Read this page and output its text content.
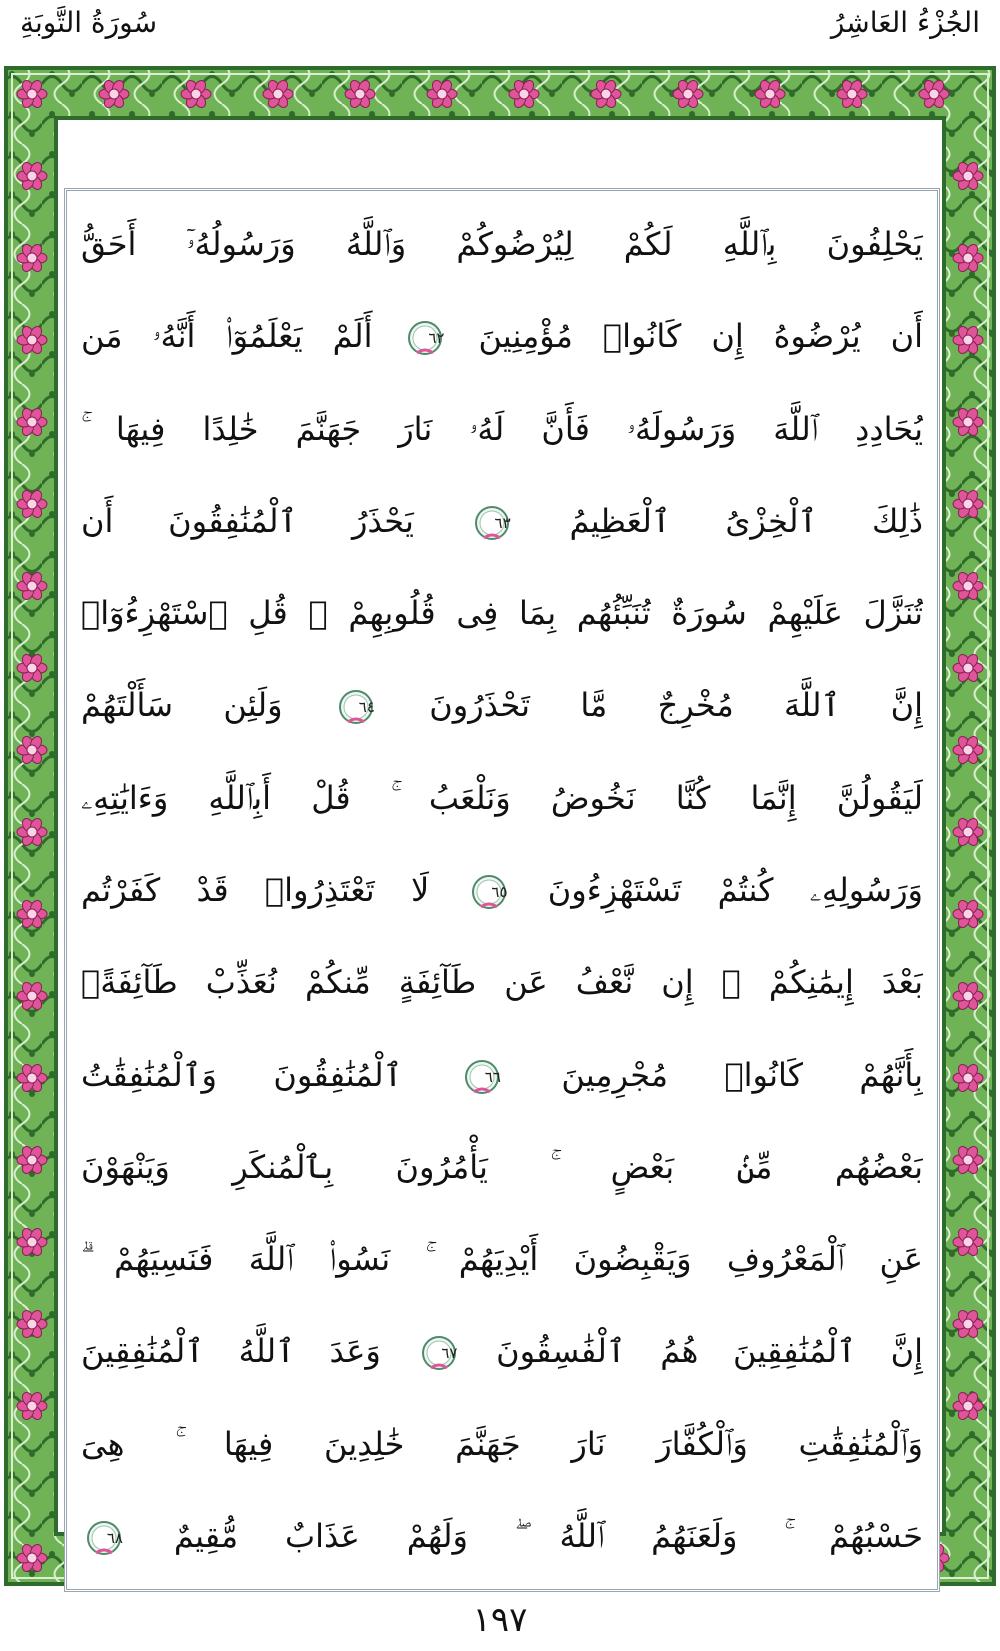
الجُزْءُ العَاشِرُ
سُورَةُ التَّوبَةِ
يَحْلِفُونَ بِٱللَّهِ لَكُمْ لِيُرْضُوكُمْ وَٱللَّهُ وَرَسُولُهُۥٓ أَحَقُّ
أَن يُرْضُوهُ إِن كَانُوا۟ مُؤْمِنِينَ
٦٢
أَلَمْ يَعْلَمُوٓا۟ أَنَّهُۥ مَن
يُحَادِدِ ٱللَّهَ وَرَسُولَهُۥ فَأَنَّ لَهُۥ نَارَ جَهَنَّمَ خَٰلِدًا فِيهَا ۚ
ذَٰلِكَ ٱلْخِزْىُ ٱلْعَظِيمُ
٦٣
يَحْذَرُ ٱلْمُنَٰفِقُونَ أَن
تُنَزَّلَ عَلَيْهِمْ سُورَةٌ تُنَبِّئُهُم بِمَا فِى قُلُوبِهِمْ ۚ قُلِ ٱسْتَهْزِءُوٓا۟
إِنَّ ٱللَّهَ مُخْرِجٌ مَّا تَحْذَرُونَ
٦٤
وَلَئِن سَأَلْتَهُمْ
لَيَقُولُنَّ إِنَّمَا كُنَّا نَخُوضُ وَنَلْعَبُ ۚ قُلْ أَبِٱللَّهِ وَءَايَٰتِهِۦ
وَرَسُولِهِۦ كُنتُمْ تَسْتَهْزِءُونَ
٦٥
لَا تَعْتَذِرُوا۟ قَدْ كَفَرْتُم
بَعْدَ إِيمَٰنِكُمْ ۚ إِن نَّعْفُ عَن طَآئِفَةٍ مِّنكُمْ نُعَذِّبْ طَآئِفَةًۢ
بِأَنَّهُمْ كَانُوا۟ مُجْرِمِينَ
٦٦
ٱلْمُنَٰفِقُونَ وَٱلْمُنَٰفِقَٰتُ
بَعْضُهُم مِّنۢ بَعْضٍ ۚ يَأْمُرُونَ بِٱلْمُنكَرِ وَيَنْهَوْنَ
عَنِ ٱلْمَعْرُوفِ وَيَقْبِضُونَ أَيْدِيَهُمْ ۚ نَسُوا۟ ٱللَّهَ فَنَسِيَهُمْ ۗ
إِنَّ ٱلْمُنَٰفِقِينَ هُمُ ٱلْفَٰسِقُونَ
٦٧
وَعَدَ ٱللَّهُ ٱلْمُنَٰفِقِينَ
وَٱلْمُنَٰفِقَٰتِ وَٱلْكُفَّارَ نَارَ جَهَنَّمَ خَٰلِدِينَ فِيهَا ۚ هِىَ
حَسْبُهُمْ ۚ وَلَعَنَهُمُ ٱللَّهُ ۖ وَلَهُمْ عَذَابٌ مُّقِيمٌ
٦٨
١٩٧
